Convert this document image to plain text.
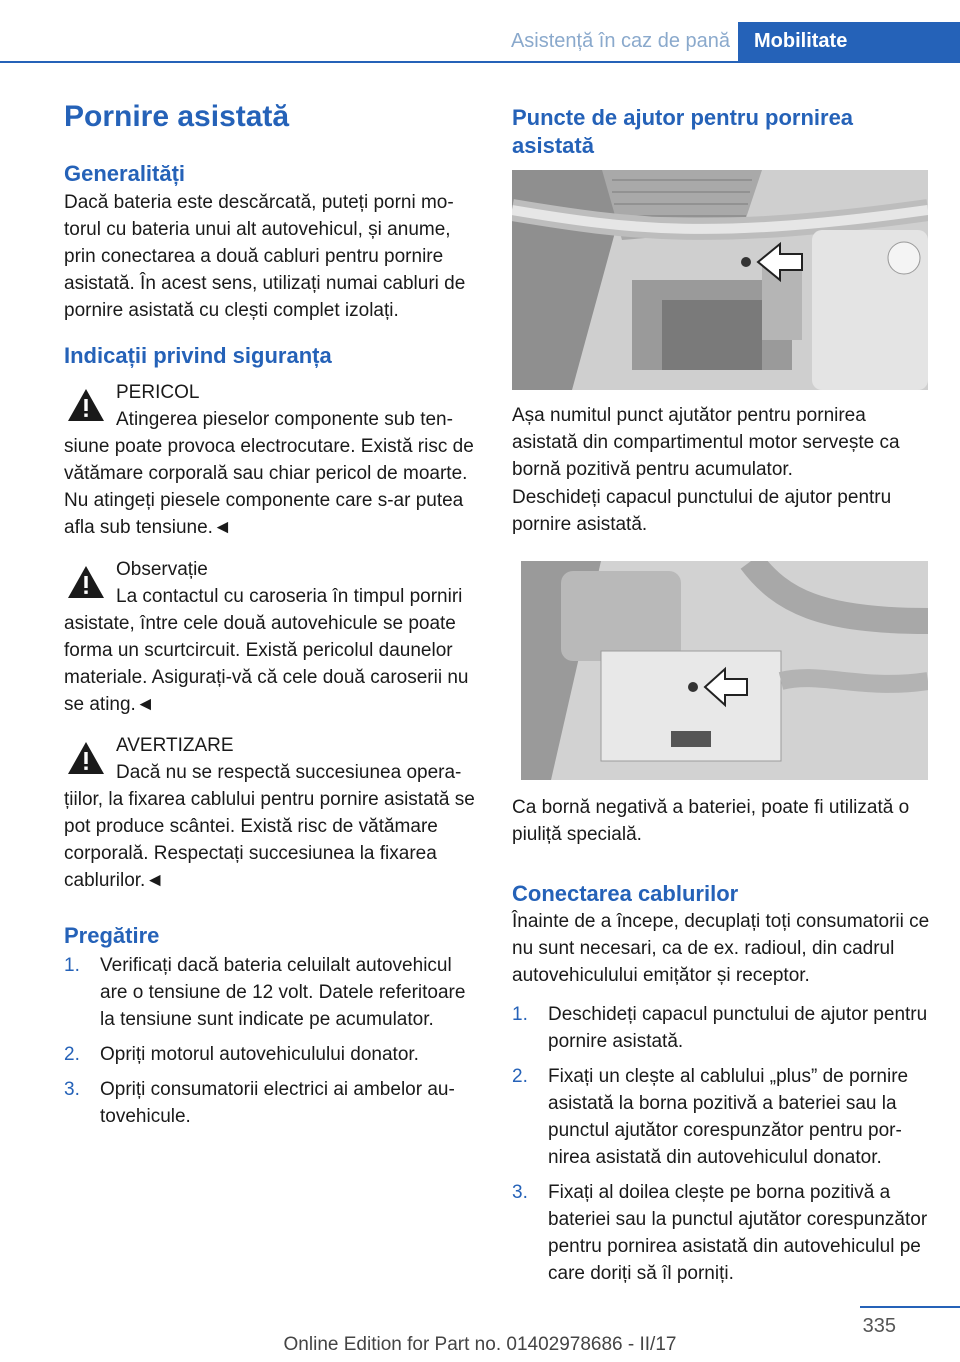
Asistență în caz de pană	Mobilitate
Pornire asistată
Generalități

Dacă bateria este descărcată, puteți porni motorul cu bateria unui alt autovehicul, și anume, prin conectarea a două cabluri pentru pornire asistată. În acest sens, utilizați numai cabluri de pornire asistată cu clești complet izolați.

Indicații privind siguranța
PERICOL
Atingerea pieselor componente sub tensiune poate provoca electrocutare. Există risc de vătămare corporală sau chiar pericol de moarte. Nu atingeți piesele componente care s-ar putea afla sub tensiune.◄
Observație
La contactul cu caroseria în timpul porniri asistate, între cele două autovehicule se poate forma un scurtcircuit. Există pericolul daunelor materiale. Asigurați-vă că cele două caroserii nu se ating.◄
AVERTIZARE
Dacă nu se respectă succesiunea operațiilor, la fixarea cablului pentru pornire asistată se pot produce scântei. Există risc de vătămare corporală. Respectați succesiunea la fixarea cablurilor.◄
Pregătire
1. Verificați dacă bateria celuilalt autovehicul are o tensiune de 12 volt. Datele referitoare la tensiune sunt indicate pe acumulator.
2. Opriți motorul autovehiculului donator.
3. Opriți consumatorii electrici ai ambelor autovehicule.
Puncte de ajutor pentru pornirea asistată

Așa numitul punct ajutător pentru pornirea asistată din compartimentul motor servește ca bornă pozitivă pentru acumulator.

Deschideți capacul punctului de ajutor pentru pornire asistată.

Ca bornă negativă a bateriei, poate fi utilizată o piuliță specială.

Conectarea cablurilor

Înainte de a începe, decuplați toți consumatorii ce nu sunt necesari, ca de ex. radioul, din cadrul autovehiculului emițător și receptor.

1. Deschideți capacul punctului de ajutor pentru pornire asistată.
2. Fixați un clește al cablului „plus” de pornire asistată la borna pozitivă a bateriei sau la punctul ajutător corespunzător pentru pornirea asistată din autovehiculul donator.
3. Fixați al doilea clește pe borna pozitivă a bateriei sau la punctul ajutător corespunzător pentru pornirea asistată din autovehiculul pe care doriți să îl porniți.
335
Online Edition for Part no. 01402978686 - II/17
